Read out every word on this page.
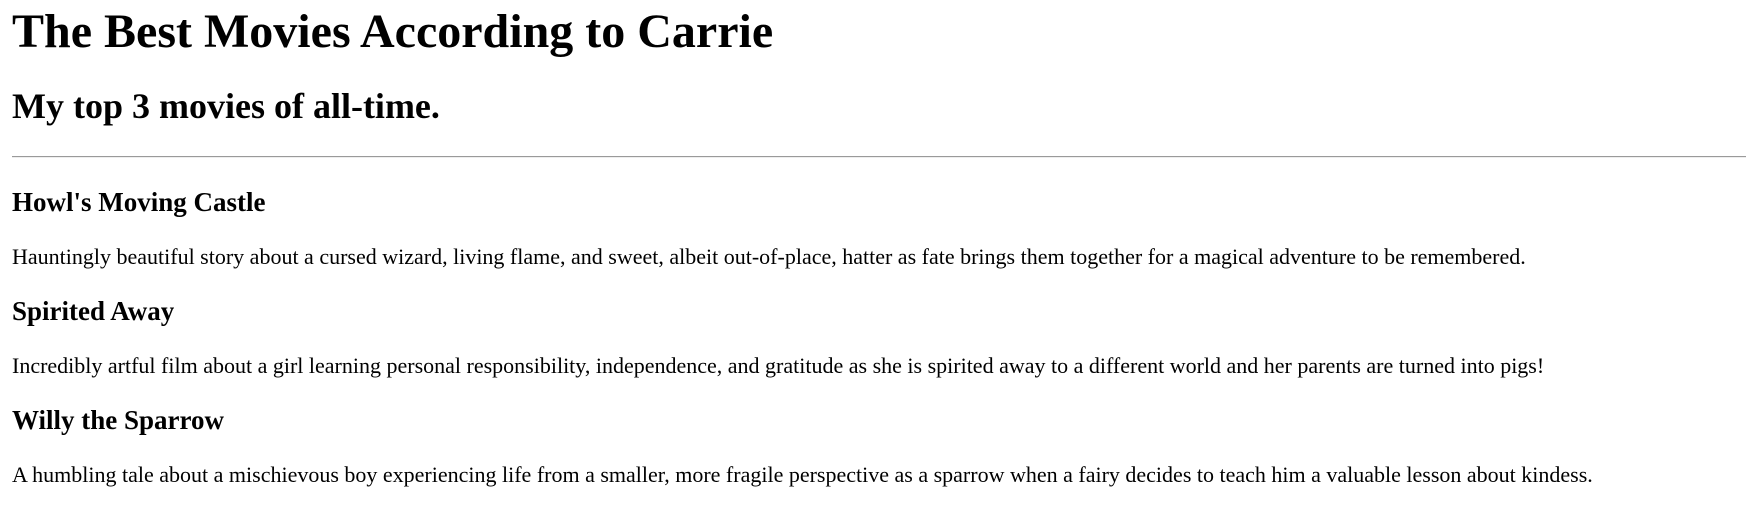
The Best Movies According to Carrie
My top 3 movies of all-time.
Howl's Moving Castle

Hauntingly beautiful story about a cursed wizard, living flame, and sweet, albeit out-of-place, hatter as fate brings them together for a magical adventure to be remembered.

Spirited Away

Incredibly artful film about a girl learning personal responsibility, independence, and gratitude as she is spirited away to a different world and her parents are turned into pigs!

Willy the Sparrow

A humbling tale about a mischievous boy experiencing life from a smaller, more fragile perspective as a sparrow when a fairy decides to teach him a valuable lesson about kindess.
